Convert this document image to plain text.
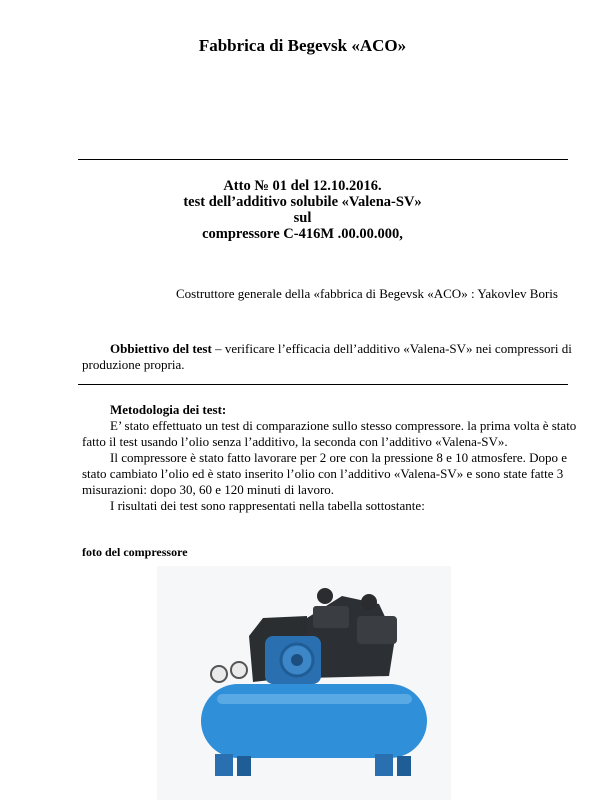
Fabbrica di Begevsk «ACO»
Atto № 01 del 12.10.2016.
test dell’additivo solubile «Valena-SV»
sul
compressore C-416M .00.00.000,
Costruttore generale della «fabbrica di Begevsk «ACO» : Yakovlev Boris
Obbiettivo del test – verificare l’efficacia dell’additivo «Valena-SV» nei compressori di
produzione propria.
Metodologia dei test:
E’ stato effettuato un test di comparazione sullo stesso compressore. la prima volta è stato
fatto il test usando l’olio senza l’additivo, la seconda con l’additivo «Valena-SV».
Il compressore è stato fatto lavorare per 2 ore con la pressione 8 e 10 atmosfere. Dopo e
stato cambiato l’olio ed è stato inserito l’olio con l’additivo «Valena-SV» e sono state fatte 3
misurazioni: dopo 30, 60 e 120 minuti di lavoro.
I risultati dei test sono rappresentati nella tabella sottostante:
foto del compressore
